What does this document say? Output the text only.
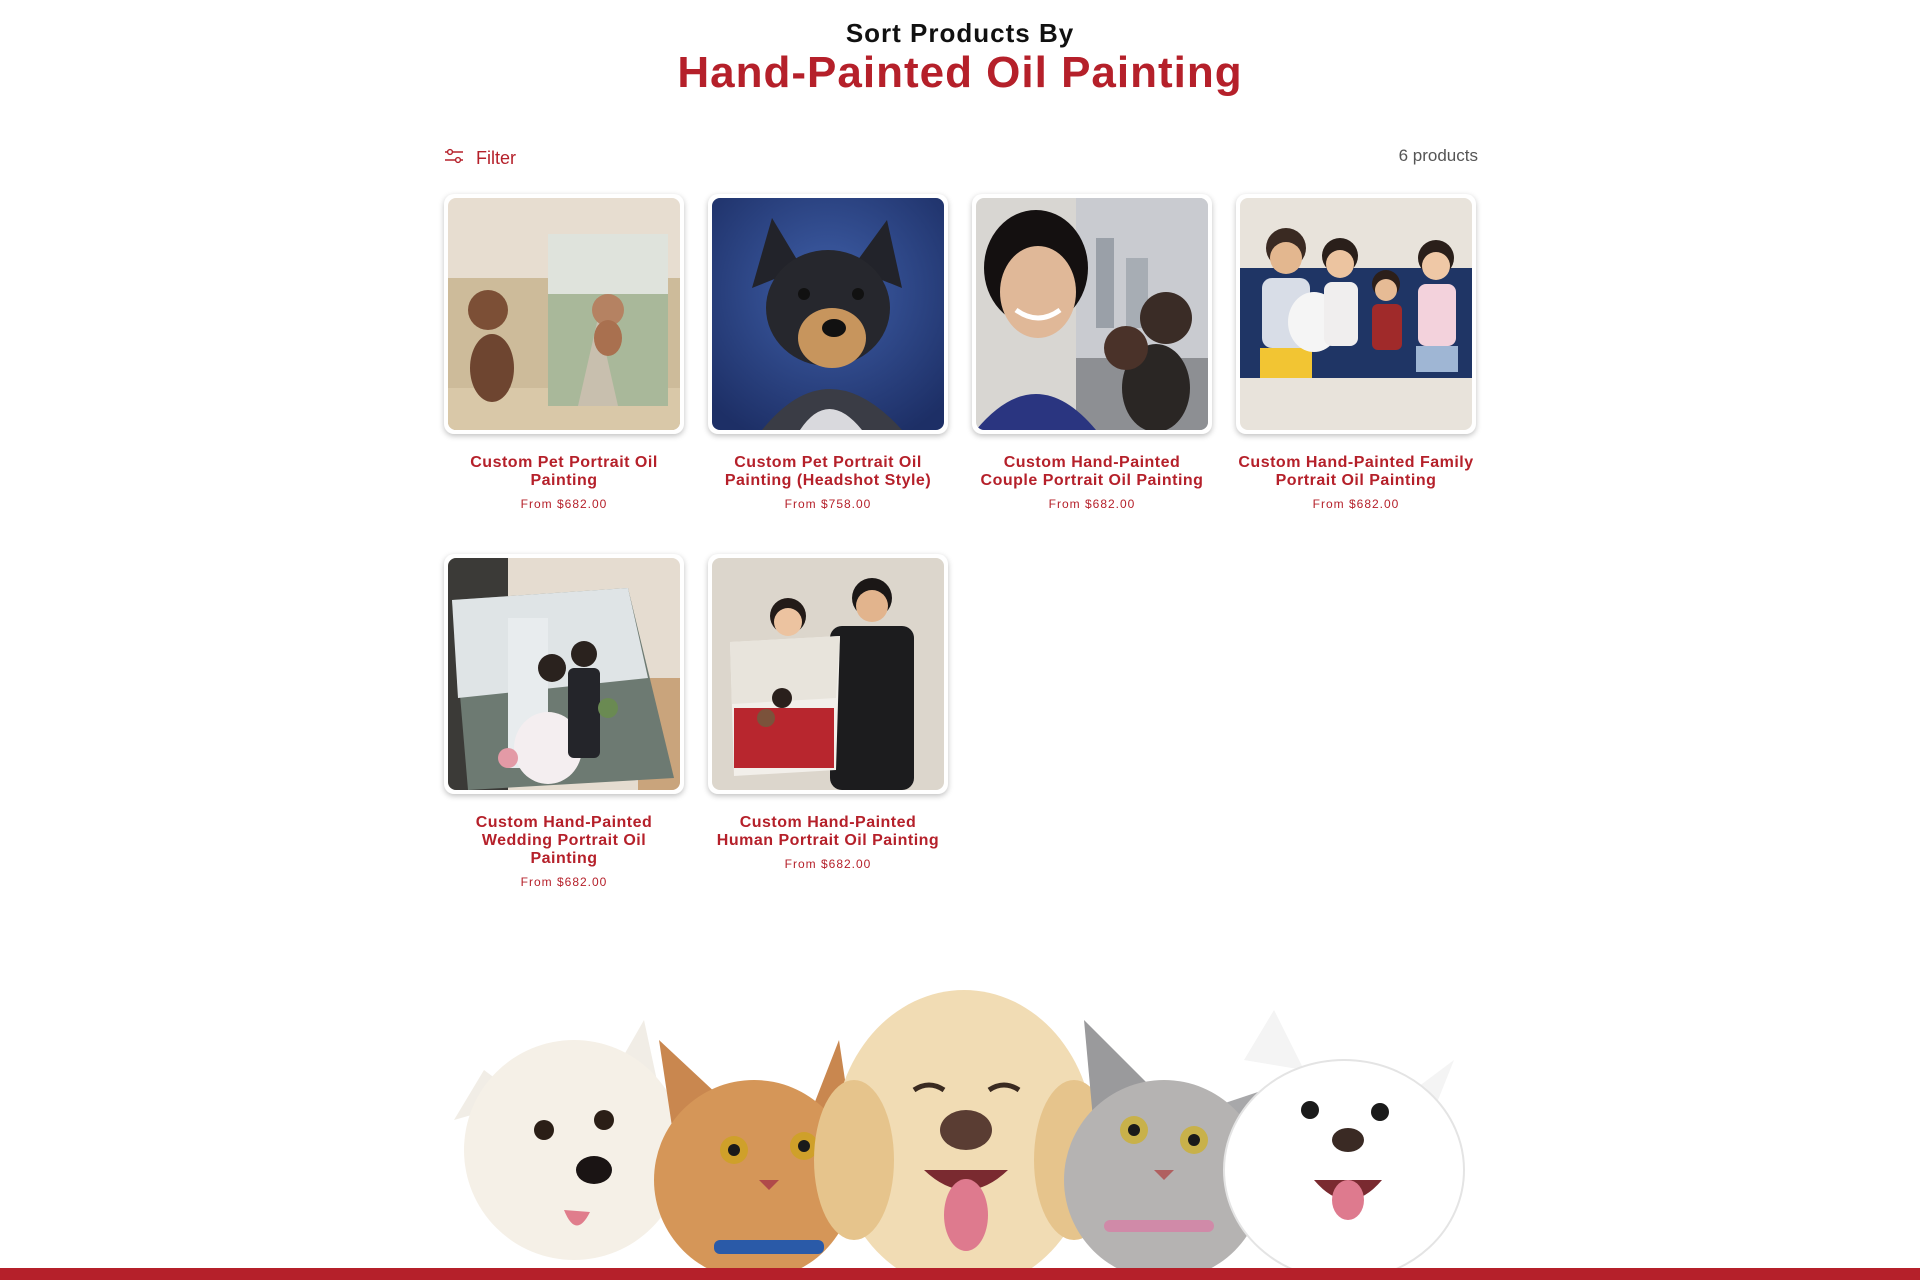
Sort Products By
Hand-Painted Oil Painting
Filter	6 products
Custom Pet Portrait Oil Painting
From $682.00
Custom Pet Portrait Oil Painting (Headshot Style)
From $758.00
Custom Hand-Painted Couple Portrait Oil Painting
From $682.00
Custom Hand-Painted Family Portrait Oil Painting
From $682.00
Custom Hand-Painted Wedding Portrait Oil Painting
From $682.00
Custom Hand-Painted Human Portrait Oil Painting
From $682.00
